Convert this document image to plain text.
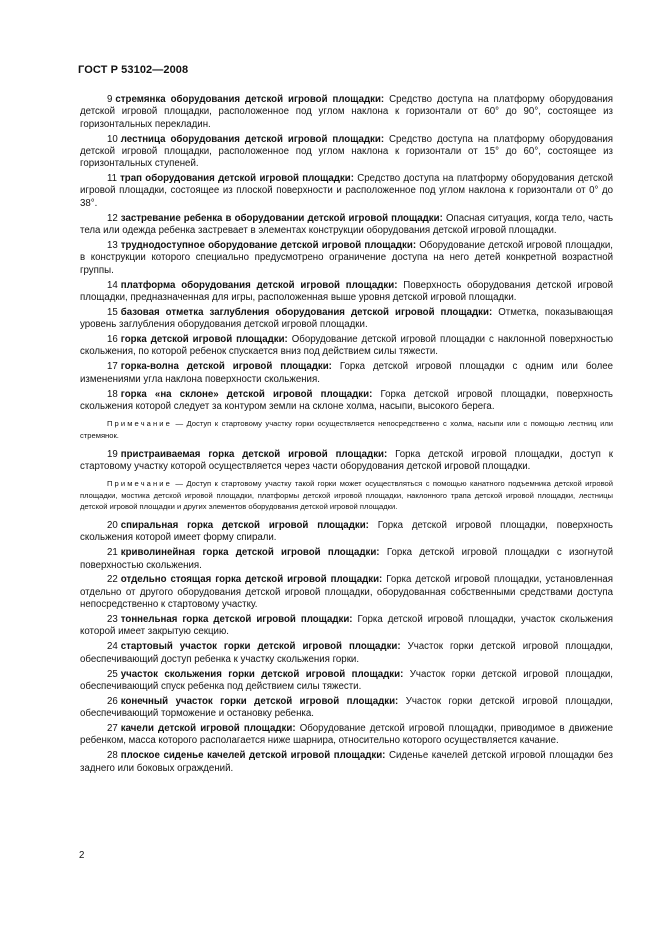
ГОСТ Р 53102—2008

9 стремянка оборудования детской игровой площадки: Средство доступа на платформу оборудования детской игровой площадки, расположенное под углом наклона к горизонтали от 60° до 90°, состоящее из горизонтальных перекладин.

10 лестница оборудования детской игровой площадки: Средство доступа на платформу оборудования детской игровой площадки, расположенное под углом наклона к горизонтали от 15° до 60°, состоящее из горизонтальных ступеней.

11 трап оборудования детской игровой площадки: Средство доступа на платформу оборудования детской игровой площадки, состоящее из плоской поверхности и расположенное под углом наклона к горизонтали от 0° до 38°.

12 застревание ребенка в оборудовании детской игровой площадки: Опасная ситуация, когда тело, часть тела или одежда ребенка застревает в элементах конструкции оборудования детской игровой площадки.

13 труднодоступное оборудование детской игровой площадки: Оборудование детской игровой площадки, в конструкции которого специально предусмотрено ограничение доступа на него детей конкретной возрастной группы.

14 платформа оборудования детской игровой площадки: Поверхность оборудования детской игровой площадки, предназначенная для игры, расположенная выше уровня детской игровой площадки.

15 базовая отметка заглубления оборудования детской игровой площадки: Отметка, показывающая уровень заглубления оборудования детской игровой площадки.

16 горка детской игровой площадки: Оборудование детской игровой площадки с наклонной поверхностью скольжения, по которой ребенок спускается вниз под действием силы тяжести.

17 горка-волна детской игровой площадки: Горка детской игровой площадки с одним или более изменениями угла наклона поверхности скольжения.

18 горка «на склоне» детской игровой площадки: Горка детской игровой площадки, поверхность скольжения которой следует за контуром земли на склоне холма, насыпи, высокого берега.

Примечание — Доступ к стартовому участку горки осуществляется непосредственно с холма, насыпи или с помощью лестниц или стремянок.

19 пристраиваемая горка детской игровой площадки: Горка детской игровой площадки, доступ к стартовому участку которой осуществляется через части оборудования детской игровой площадки.

Примечание — Доступ к стартовому участку такой горки может осуществляться с помощью канатного подъемника детской игровой площадки, мостика детской игровой площадки, платформы детской игровой площадки, наклонного трапа детской игровой площадки, лестницы детской игровой площадки и других элементов оборудования детской игровой площадки.

20 спиральная горка детской игровой площадки: Горка детской игровой площадки, поверхность скольжения которой имеет форму спирали.

21 криволинейная горка детской игровой площадки: Горка детской игровой площадки с изогнутой поверхностью скольжения.

22 отдельно стоящая горка детской игровой площадки: Горка детской игровой площадки, установленная отдельно от другого оборудования детской игровой площадки, оборудованная собственными средствами доступа непосредственно к стартовому участку.

23 тоннельная горка детской игровой площадки: Горка детской игровой площадки, участок скольжения которой имеет закрытую секцию.

24 стартовый участок горки детской игровой площадки: Участок горки детской игровой площадки, обеспечивающий доступ ребенка к участку скольжения горки.

25 участок скольжения горки детской игровой площадки: Участок горки детской игровой площадки, обеспечивающий спуск ребенка под действием силы тяжести.

26 конечный участок горки детской игровой площадки: Участок горки детской игровой площадки, обеспечивающий торможение и остановку ребенка.

27 качели детской игровой площадки: Оборудование детской игровой площадки, приводимое в движение ребенком, масса которого располагается ниже шарнира, относительно которого осуществляется качание.

28 плоское сиденье качелей детской игровой площадки: Сиденье качелей детской игровой площадки без заднего или боковых ограждений.

2
